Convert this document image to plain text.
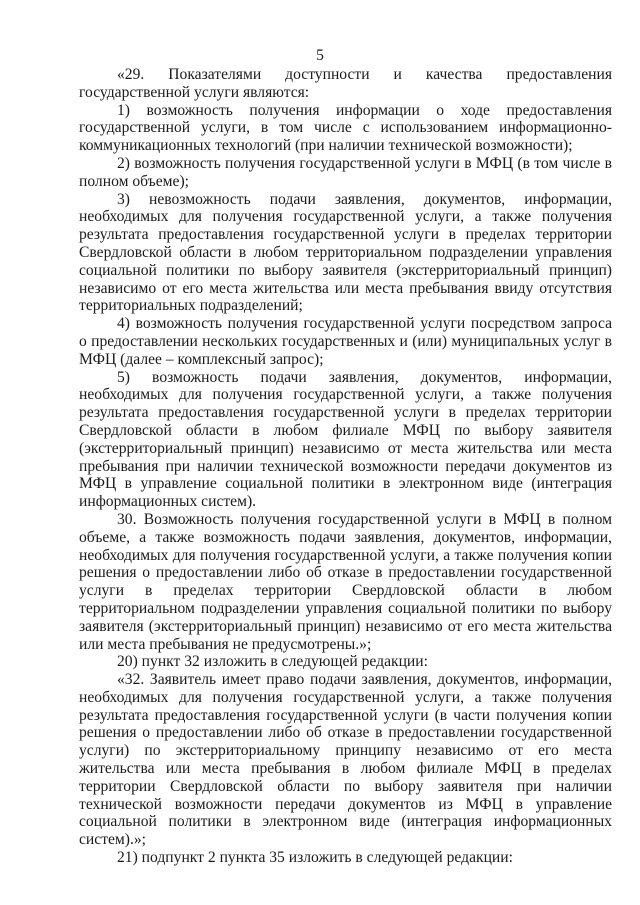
5

«29. Показателями доступности и качества предоставления государственной услуги являются:

1) возможность получения информации о ходе предоставления государственной услуги, в том числе с использованием информационно-коммуникационных технологий (при наличии технической возможности);

2) возможность получения государственной услуги в МФЦ (в том числе в полном объеме);

3) невозможность подачи заявления, документов, информации, необходимых для получения государственной услуги, а также получения результата предоставления государственной услуги в пределах территории Свердловской области в любом территориальном подразделении управления социальной политики по выбору заявителя (экстерриториальный принцип) независимо от его места жительства или места пребывания ввиду отсутствия территориальных подразделений;

4) возможность получения государственной услуги посредством запроса о предоставлении нескольких государственных и (или) муниципальных услуг в МФЦ (далее – комплексный запрос);

5) возможность подачи заявления, документов, информации, необходимых для получения государственной услуги, а также получения результата предоставления государственной услуги в пределах территории Свердловской области в любом филиале МФЦ по выбору заявителя (экстерриториальный принцип) независимо от места жительства или места пребывания при наличии технической возможности передачи документов из МФЦ в управление социальной политики в электронном виде (интеграция информационных систем).

30. Возможность получения государственной услуги в МФЦ в полном объеме, а также возможность подачи заявления, документов, информации, необходимых для получения государственной услуги, а также получения копии решения о предоставлении либо об отказе в предоставлении государственной услуги в пределах территории Свердловской области в любом территориальном подразделении управления социальной политики по выбору заявителя (экстерриториальный принцип) независимо от его места жительства или места пребывания не предусмотрены.»;

20) пункт 32 изложить в следующей редакции:

«32. Заявитель имеет право подачи заявления, документов, информации, необходимых для получения государственной услуги, а также получения результата предоставления государственной услуги (в части получения копии решения о предоставлении либо об отказе в предоставлении государственной услуги) по экстерриториальному принципу независимо от его места жительства или места пребывания в любом филиале МФЦ в пределах территории Свердловской области по выбору заявителя при наличии технической возможности передачи документов из МФЦ в управление социальной политики в электронном виде (интеграция информационных систем).»;

21) подпункт 2 пункта 35 изложить в следующей редакции:
